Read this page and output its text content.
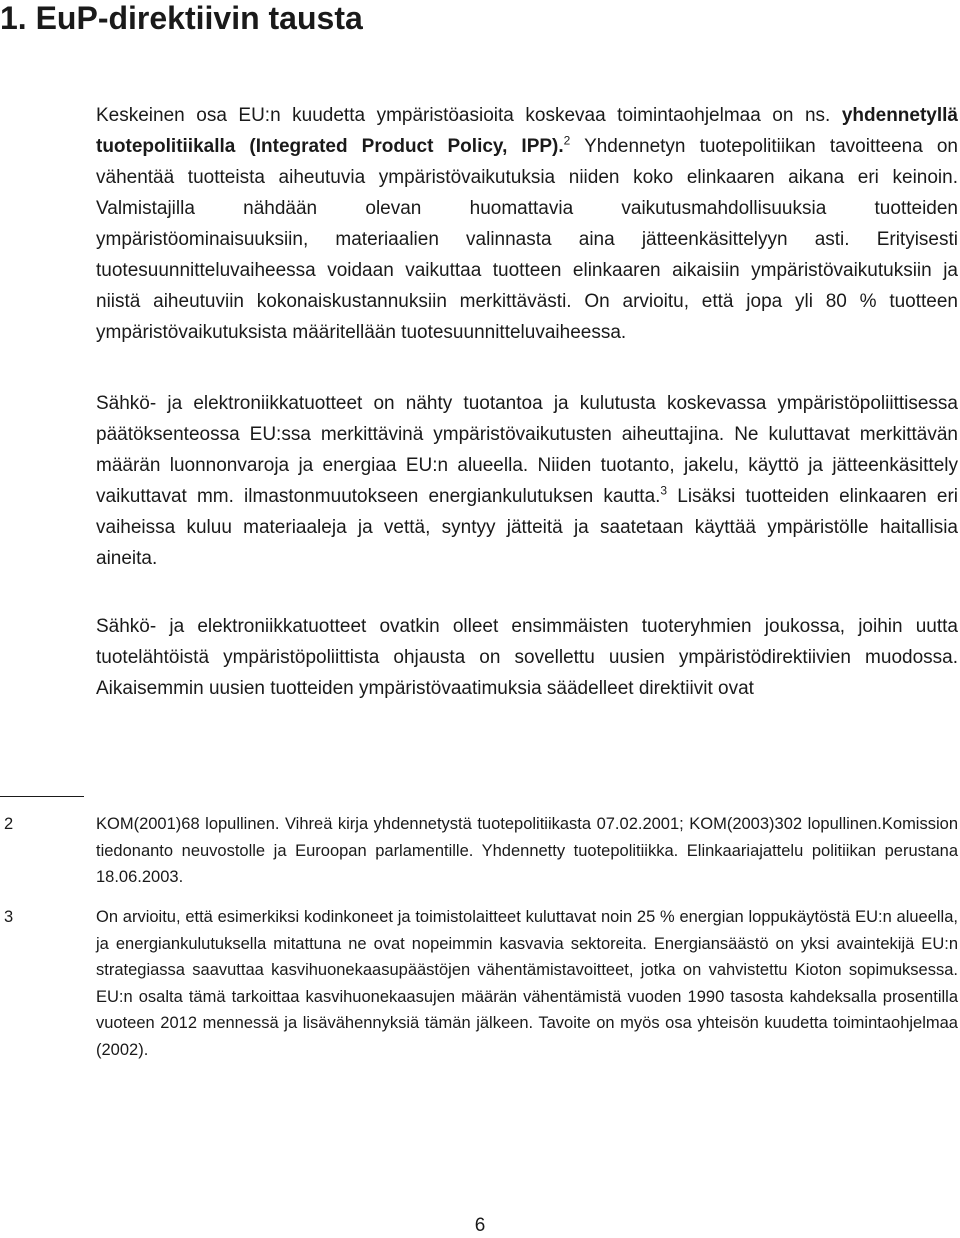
1. EuP-direktiivin tausta

Keskeinen osa EU:n kuudetta ympäristöasioita koskevaa toimintaohjelmaa on ns. yhdennetyllä tuotepolitiikalla (Integrated Product Policy, IPP).$^2$ Yhdennetyn tuotepolitiikan tavoitteena on vähentää tuotteista aiheutuvia ympäristövaikutuksia niiden koko elinkaaren aikana eri keinoin. Valmistajilla nähdään olevan huomattavia vaikutusmahdollisuuksia tuotteiden ympäristöominaisuuksiin, materiaalien valinnasta aina jätteenkäsittelyyn asti. Erityisesti tuotesuunnitteluvaiheessa voidaan vaikuttaa tuotteen elinkaaren aikaisiin ympäristövaikutuksiin ja niistä aiheutuviin kokonaiskustannuksiin merkittävästi. On arvioitu, että jopa yli 80 % tuotteen ympäristövaikutuksista määritellään tuotesuunnitteluvaiheessa.

Sähkö- ja elektroniikkatuotteet on nähty tuotantoa ja kulutusta koskevassa ympäristöpoliittisessa päätöksenteossa EU:ssa merkittävinä ympäristövaikutusten aiheuttajina. Ne kuluttavat merkittävän määrän luonnonvaroja ja energiaa EU:n alueella. Niiden tuotanto, jakelu, käyttö ja jätteenkäsittely vaikuttavat mm. ilmastonmuutokseen energiankulutuksen kautta.$^3$ Lisäksi tuotteiden elinkaaren eri vaiheissa kuluu materiaaleja ja vettä, syntyy jätteitä ja saatetaan käyttää ympäristölle haitallisia aineita.

Sähkö- ja elektroniikkatuotteet ovatkin olleet ensimmäisten tuoteryhmien joukossa, joihin uutta tuotelähtöistä ympäristöpoliittista ohjausta on sovellettu uusien ympäristödirektiivien muodossa. Aikaisemmin uusien tuotteiden ympäristövaatimuksia säädelleet direktiivit ovat

2	KOM(2001)68 lopullinen. Vihreä kirja yhdennetystä tuotepolitiikasta 07.02.2001; KOM(2003)302 lopullinen.Komission tiedonanto neuvostolle ja Euroopan parlamentille. Yhdennetty tuotepolitiikka. Elinkaariajattelu politiikan perustana 18.06.2003.
3	On arvioitu, että esimerkiksi kodinkoneet ja toimistolaitteet kuluttavat noin 25 % energian loppukäytöstä EU:n alueella, ja energiankulutuksella mitattuna ne ovat nopeimmin kasvavia sektoreita. Energiansäästö on yksi avaintekijä EU:n strategiassa saavuttaa kasvihuonekaasupäästöjen vähentämistavoitteet, jotka on vahvistettu Kioton sopimuksessa. EU:n osalta tämä tarkoittaa kasvihuonekaasujen määrän vähentämistä vuoden 1990 tasosta kahdeksalla prosentilla vuoteen 2012 mennessä ja lisävähennyksiä tämän jälkeen. Tavoite on myös osa yhteisön kuudetta toimintaohjelmaa (2002).
6
